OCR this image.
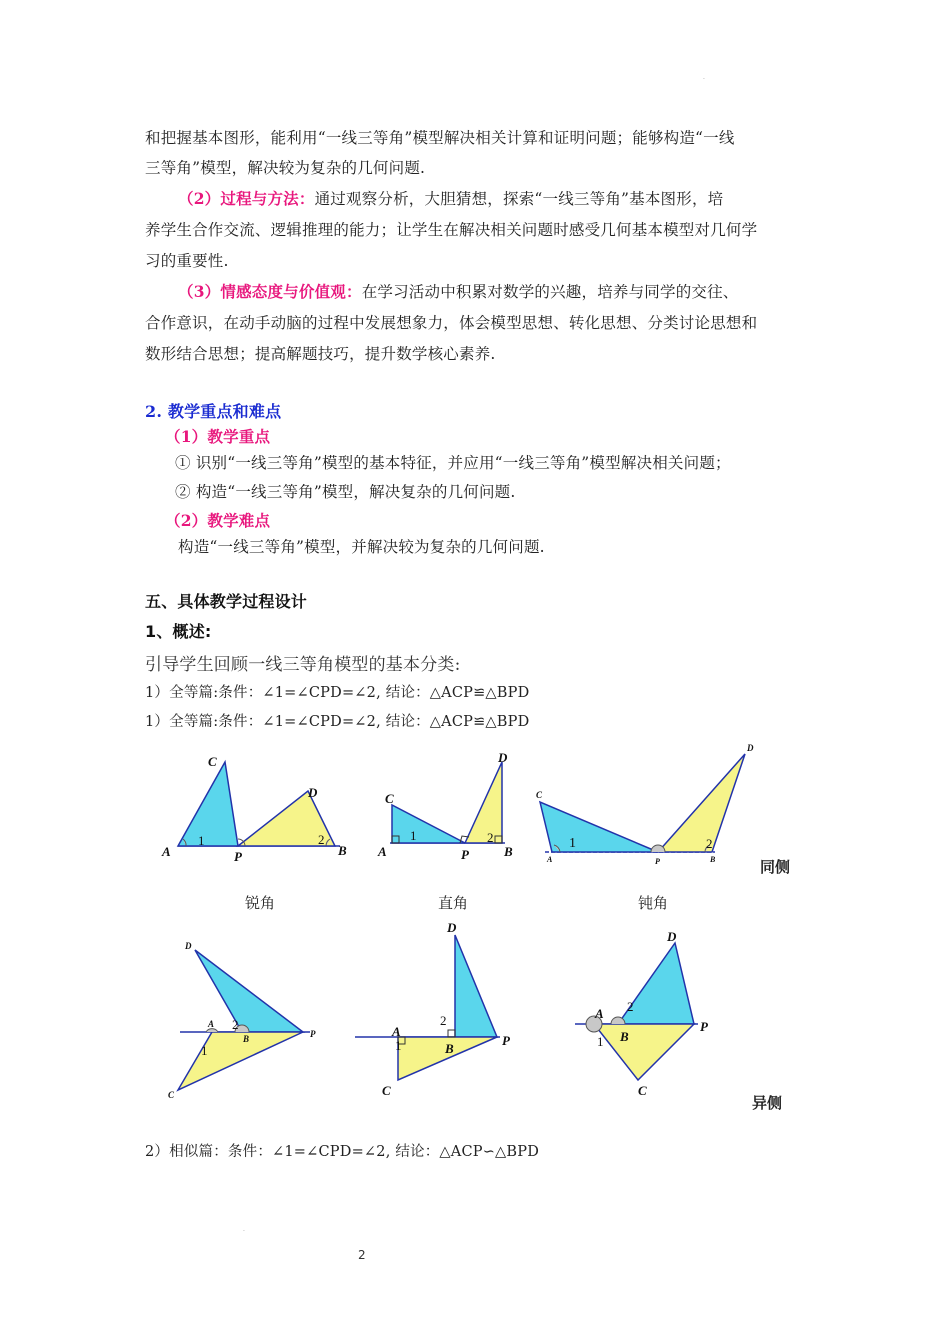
.
和把握基本图形，能利用“一线三等角”模型解决相关计算和证明问题；能够构造“一线
三等角”模型，解决较为复杂的几何问题.
（2）过程与方法：通过观察分析，大胆猜想，探索“一线三等角”基本图形，培
养学生合作交流、逻辑推理的能力；让学生在解决相关问题时感受几何基本模型对几何学
习的重要性.
（3）情感态度与价值观：在学习活动中积累对数学的兴趣，培养与同学的交往、
合作意识，在动手动脑的过程中发展想象力，体会模型思想、转化思想、分类讨论思想和
数形结合思想；提高解题技巧，提升数学核心素养.
2. 教学重点和难点
（1）教学重点
① 识别“一线三等角”模型的基本特征，并应用“一线三等角”模型解决相关问题；
② 构造“一线三等角”模型，解决复杂的几何问题.
（2）教学难点
构造“一线三等角”模型，并解决较为复杂的几何问题.
五、具体教学过程设计
1、概述:
引导学生回顾一线三等角模型的基本分类:
1）全等篇:条件：∠1=∠CPD=∠2, 结论：△ACP≌△BPD
1）全等篇:条件：∠1=∠CPD=∠2, 结论：△ACP≌△BPD
A
C
P
D
B
1	2
A
C
P
D
B
1	2
C
A	P	B
D
1	2
同侧
锐角	直角	钝角
D
A
B	P
C
1
2
D
A
B
P
C
1
2
D
A
B
P
C
1
2
异侧
2）相似篇：条件：∠1=∠CPD=∠2, 结论：△ACP∽△BPD
.
2
